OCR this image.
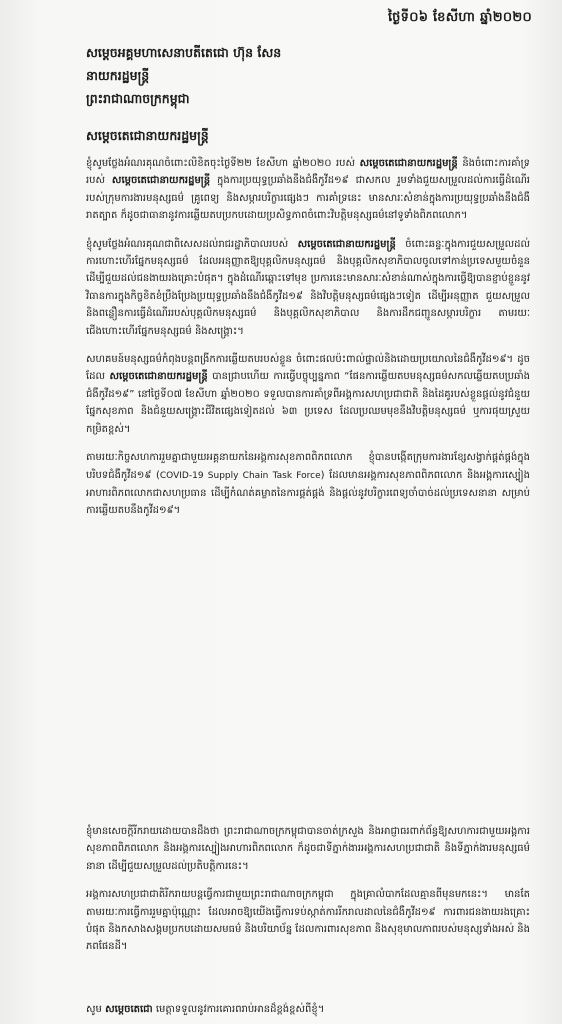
ថ្ងៃទី០៦ ខែសីហា ឆ្នាំ២០២០
សម្ដេចអគ្គមហាសេនាបតីតេជោ ហ៊ុន សែន
នាយករដ្ឋមន្ត្រី
ព្រះរាជាណាចក្រកម្ពុជា
សម្ដេចតេជោនាយករដ្ឋមន្ត្រី

ខ្ញុំសូមថ្លែងអំណរគុណចំពោះលិខិតចុះថ្ងៃទី២២ ខែសីហា ឆ្នាំ២០២០ របស់ សម្ដេចតេជោនាយករដ្ឋមន្ត្រី និងចំពោះការគាំទ្ររបស់ សម្ដេចតេជោនាយករដ្ឋមន្ត្រី ក្នុងការប្រយុទ្ធប្រឆាំងនឹងជំងឺកូវីដ១៩ ជាសកល រួមទាំងជួយសម្រួលដល់ការធ្វើដំណើររបស់ក្រុមការងារមនុស្សធម៌ គ្រូពេទ្យ និងសម្ភារបរិក្ខារផ្សេងៗ ការគាំទ្រនេះ មានសារៈសំខាន់ក្នុងការប្រយុទ្ធប្រឆាំងនឹងជំងឺរាតត្បាត ក៏ដូចជាធានានូវការឆ្លើយតបប្រកបដោយប្រសិទ្ធភាពចំពោះវិបត្តិមនុស្សធម៌នៅទូទាំងពិភពលោក។

ខ្ញុំសូមថ្លែងអំណរគុណជាពិសេសដល់រាជរដ្ឋាភិបាលរបស់ សម្ដេចតេជោនាយករដ្ឋមន្ត្រី ចំពោះឆន្ទៈក្នុងការជួយសម្រួលដល់ការហោះហើរផ្នែកមនុស្សធម៌ ដែលអនុញ្ញាតឱ្យបុគ្គលិកមនុស្សធម៌ និងបុគ្គលិកសុខាភិបាលចូលទៅកាន់ប្រទេសមួយចំនួន ដើម្បីជួយដល់ជនងាយរងគ្រោះបំផុត។ ក្នុងដំណើរឆ្ពោះទៅមុខ ប្រការនេះមានសារៈសំខាន់ណាស់ក្នុងការធ្វើឱ្យបានខ្ជាប់ខ្ជួននូវវិធានការក្នុងកិច្ចខិតខំប្រឹងប្រែងប្រយុទ្ធប្រឆាំងនឹងជំងឺកូវីដ១៩ និងវិបត្តិមនុស្សធម៌ផ្សេងៗទៀត ដើម្បីអនុញ្ញាត ជួយសម្រួល និងពន្លឿនការធ្វើដំណើររបស់បុគ្គលិកមនុស្សធម៌ និងបុគ្គលិកសុខាភិបាល និងការដឹកជញ្ជូនសម្ភារបរិក្ខារ តាមរយៈជើងហោះហើរផ្នែកមនុស្សធម៌ និងសង្គ្រោះ។

សហគមន៍មនុស្សធម៌កំពុងបន្តពង្រីកការឆ្លើយតបរបស់ខ្លួន ចំពោះផលប៉ះពាល់ផ្ទាល់និងដោយប្រយោលនៃជំងឺកូវីដ១៩។ ដូចដែល សម្ដេចតេជោនាយករដ្ឋមន្ត្រី បានជ្រាបហើយ ការធ្វើបច្ចុប្បន្នភាព “ផែនការឆ្លើយតបមនុស្សធម៌សកលឆ្លើយតបប្រឆាំងជំងឺកូវីដ១៩” នៅថ្ងៃទី០៧ ខែសីហា ឆ្នាំ២០២០ ទទួលបានការគាំទ្រពីអង្គការសហប្រជាជាតិ និងដៃគូរបស់ខ្លួនផ្តល់នូវជំនួយផ្នែកសុខភាព និងជំនួយសង្គ្រោះជីវិតផ្សេងទៀតដល់ ៦៣ ប្រទេស ដែលប្រឈមមុខនឹងវិបត្តិមនុស្សធម៌ ឬការផុយស្រួយកម្រិតខ្ពស់។

តាមរយៈកិច្ចសហការរួមគ្នាជាមួយអគ្គនាយកនៃអង្គការសុខភាពពិភពលោក ខ្ញុំបានបង្កើតក្រុមការងារខ្សែសង្វាក់ផ្គត់ផ្គង់ក្នុងបរិបទជំងឺកូវីដ១៩ (COVID-19 Supply Chain Task Force) ដែលមានអង្គការសុខភាពពិភពលោក និងអង្គការស្បៀងអាហារពិភពលោកជាសហប្រធាន ដើម្បីកំណត់គម្លាតនៃការផ្គត់ផ្គង់ និងផ្តល់នូវបរិក្ខារពេទ្យចាំបាច់ដល់ប្រទេសនានា សម្រាប់ការឆ្លើយតបនឹងកូវីដ១៩។

ខ្ញុំមានសេចក្តីរីករាយដោយបានដឹងថា ព្រះរាជាណាចក្រកម្ពុជាបានចាត់ក្រសួង និងអាជ្ញាធរពាក់ព័ន្ធឱ្យសហការជាមួយអង្គការសុខភាពពិភពលោក និងអង្គការស្បៀងអាហារពិភពលោក ក៏ដូចជាទីភ្នាក់ងារអង្គការសហប្រជាជាតិ និងទីភ្នាក់ងារមនុស្សធម៌នានា ដើម្បីជួយសម្រួលដល់ប្រតិបត្តិការនេះ។

អង្គការសហប្រជាជាតិរីករាយបន្តធ្វើការជាមួយព្រះរាជាណាចក្រកម្ពុជា ក្នុងគ្រាលំបាកដែលគ្មានពីមុនមកនេះ។ មានតែតាមរយៈការធ្វើការរួមគ្នាប៉ុណ្ណោះ ដែលអាចឱ្យយើងធ្វើការទប់ស្កាត់ការរីករាលដាលនៃជំងឺកូវីដ១៩ ការពារជនងាយរងគ្រោះបំផុត និងកសាងសង្គមប្រកបដោយសមធម៌ និងបរិយាប័ន្ន ដែលការពារសុខភាព និងសុខុមាលភាពរបស់មនុស្សទាំងអស់ និងភពផែនដី។

សូម សម្ដេចតេជោ មេត្តាទទួលនូវការគោរពរាប់អានដ៏ខ្ពង់ខ្ពស់ពីខ្ញុំ។
